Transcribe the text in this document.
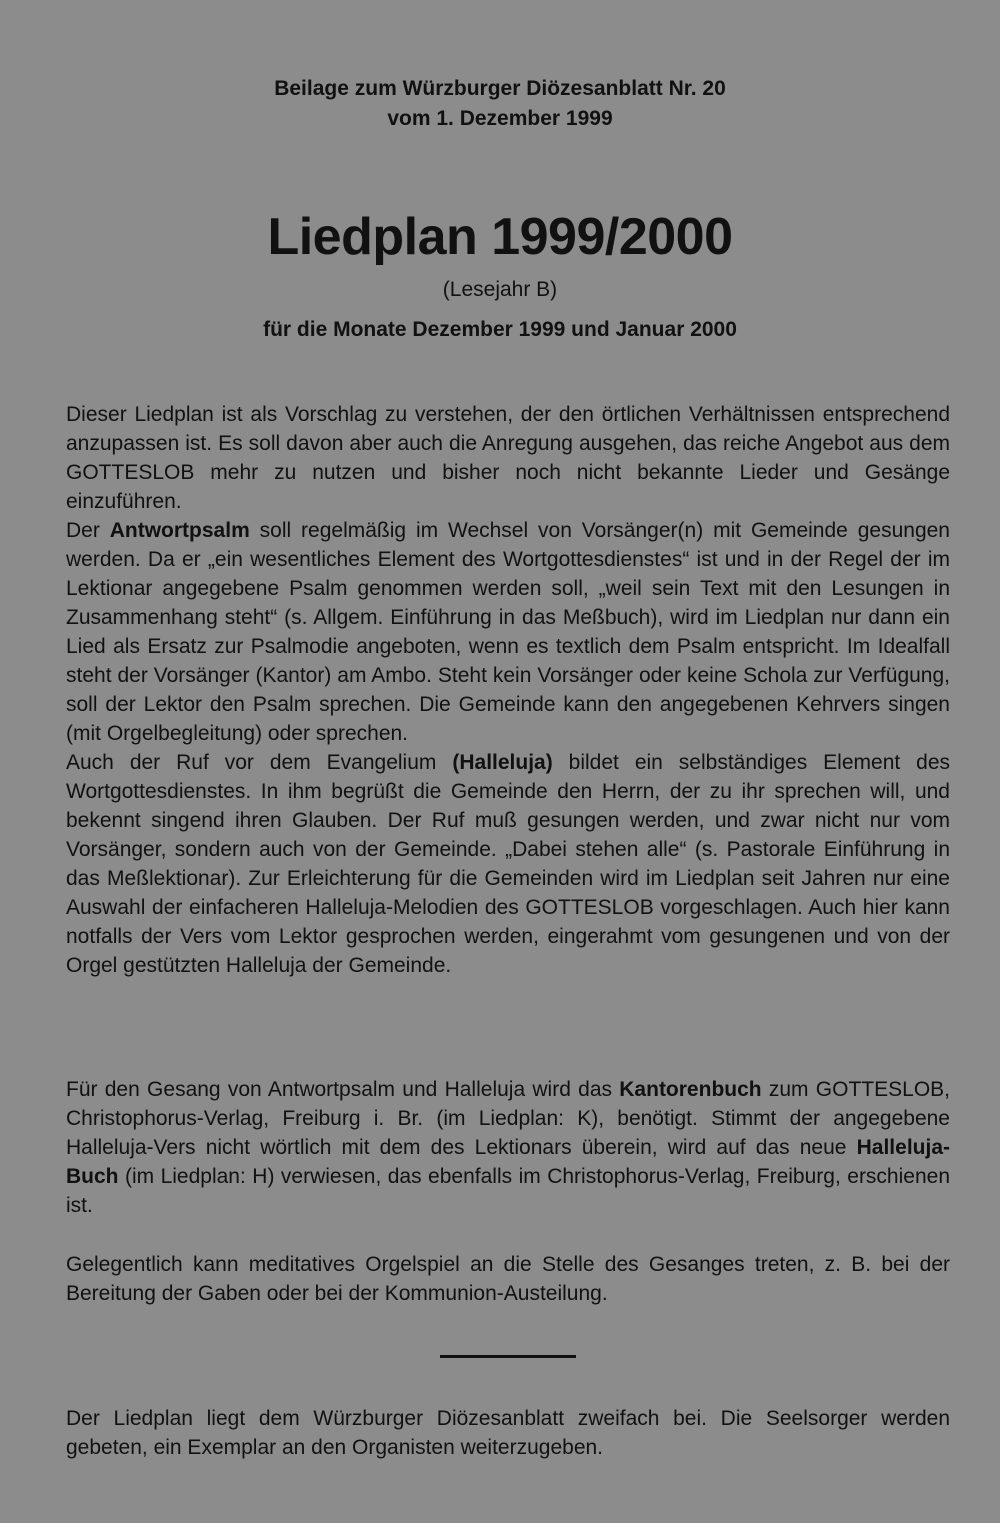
Beilage zum Würzburger Diözesanblatt Nr. 20
vom 1. Dezember 1999
Liedplan 1999/2000
(Lesejahr B)
für die Monate Dezember 1999 und Januar 2000

Dieser Liedplan ist als Vorschlag zu verstehen, der den örtlichen Verhältnissen entsprechend anzupassen ist. Es soll davon aber auch die Anregung ausgehen, das reiche Angebot aus dem GOTTESLOB mehr zu nutzen und bisher noch nicht bekannte Lieder und Gesänge einzuführen.

Der Antwortpsalm soll regelmäßig im Wechsel von Vorsänger(n) mit Gemeinde gesungen werden. Da er „ein wesentliches Element des Wortgottesdienstes“ ist und in der Regel der im Lektionar angegebene Psalm genommen werden soll, „weil sein Text mit den Lesungen in Zusammenhang steht“ (s. Allgem. Einführung in das Meßbuch), wird im Liedplan nur dann ein Lied als Ersatz zur Psalmodie angeboten, wenn es textlich dem Psalm entspricht. Im Idealfall steht der Vorsänger (Kantor) am Ambo. Steht kein Vorsänger oder keine Schola zur Verfügung, soll der Lektor den Psalm sprechen. Die Gemeinde kann den angegebenen Kehrvers singen (mit Orgelbegleitung) oder sprechen.

Auch der Ruf vor dem Evangelium (Halleluja) bildet ein selbständiges Element des Wortgottesdienstes. In ihm begrüßt die Gemeinde den Herrn, der zu ihr sprechen will, und bekennt singend ihren Glauben. Der Ruf muß gesungen werden, und zwar nicht nur vom Vorsänger, sondern auch von der Gemeinde. „Dabei stehen alle“ (s. Pastorale Einführung in das Meßlektionar). Zur Erleichterung für die Gemeinden wird im Liedplan seit Jahren nur eine Auswahl der einfacheren Halleluja-Melodien des GOTTESLOB vorgeschlagen. Auch hier kann notfalls der Vers vom Lektor gesprochen werden, eingerahmt vom gesungenen und von der Orgel gestützten Halleluja der Gemeinde.

Für den Gesang von Antwortpsalm und Halleluja wird das Kantorenbuch zum GOTTESLOB, Christophorus-Verlag, Freiburg i. Br. (im Liedplan: K), benötigt. Stimmt der angegebene Halleluja-Vers nicht wörtlich mit dem des Lektionars überein, wird auf das neue Halleluja-Buch (im Liedplan: H) verwiesen, das ebenfalls im Christophorus-Verlag, Freiburg, erschienen ist.
Gelegentlich kann meditatives Orgelspiel an die Stelle des Gesanges treten, z. B. bei der Bereitung der Gaben oder bei der Kommunion-Austeilung.
Der Liedplan liegt dem Würzburger Diözesanblatt zweifach bei. Die Seelsorger werden gebeten, ein Exemplar an den Organisten weiterzugeben.
